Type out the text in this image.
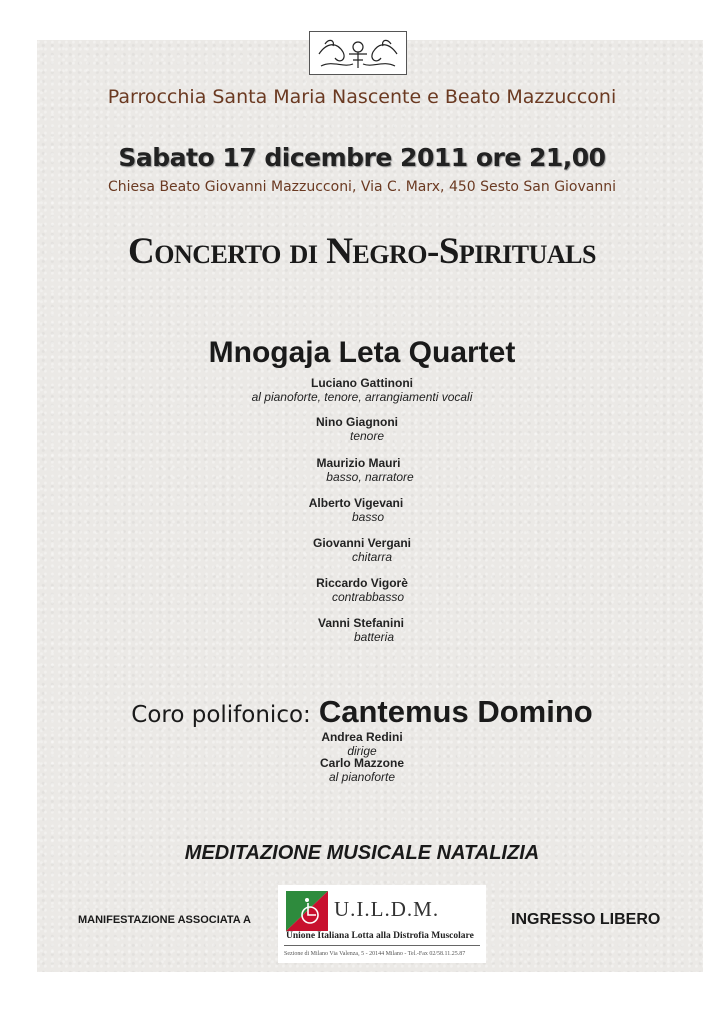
Parrocchia Santa Maria Nascente e Beato Mazzucconi
Sabato 17 dicembre 2011 ore 21,00
Chiesa Beato Giovanni Mazzucconi, Via C. Marx, 450 Sesto San Giovanni
Concerto di Negro-Spirituals
Mnogaja Leta Quartet
Luciano Gattinoni
al pianoforte, tenore, arrangiamenti vocali
Nino Giagnoni
tenore
Maurizio Mauri
basso, narratore
Alberto Vigevani
basso
Giovanni Vergani
chitarra
Riccardo Vigorè
contrabbasso
Vanni Stefanini
batteria
Coro polifonico: Cantemus Domino
Andrea Redini
dirige
Carlo Mazzone
al pianoforte
MEDITAZIONE MUSICALE NATALIZIA
MANIFESTAZIONE ASSOCIATA A	U.I.L.D.M.
Unione Italiana Lotta alla Distrofia Muscolare
Sezione di Milano Via Valenza, 5 - 20144 Milano - Tel.-Fax 02/58.11.25.87
INGRESSO LIBERO
